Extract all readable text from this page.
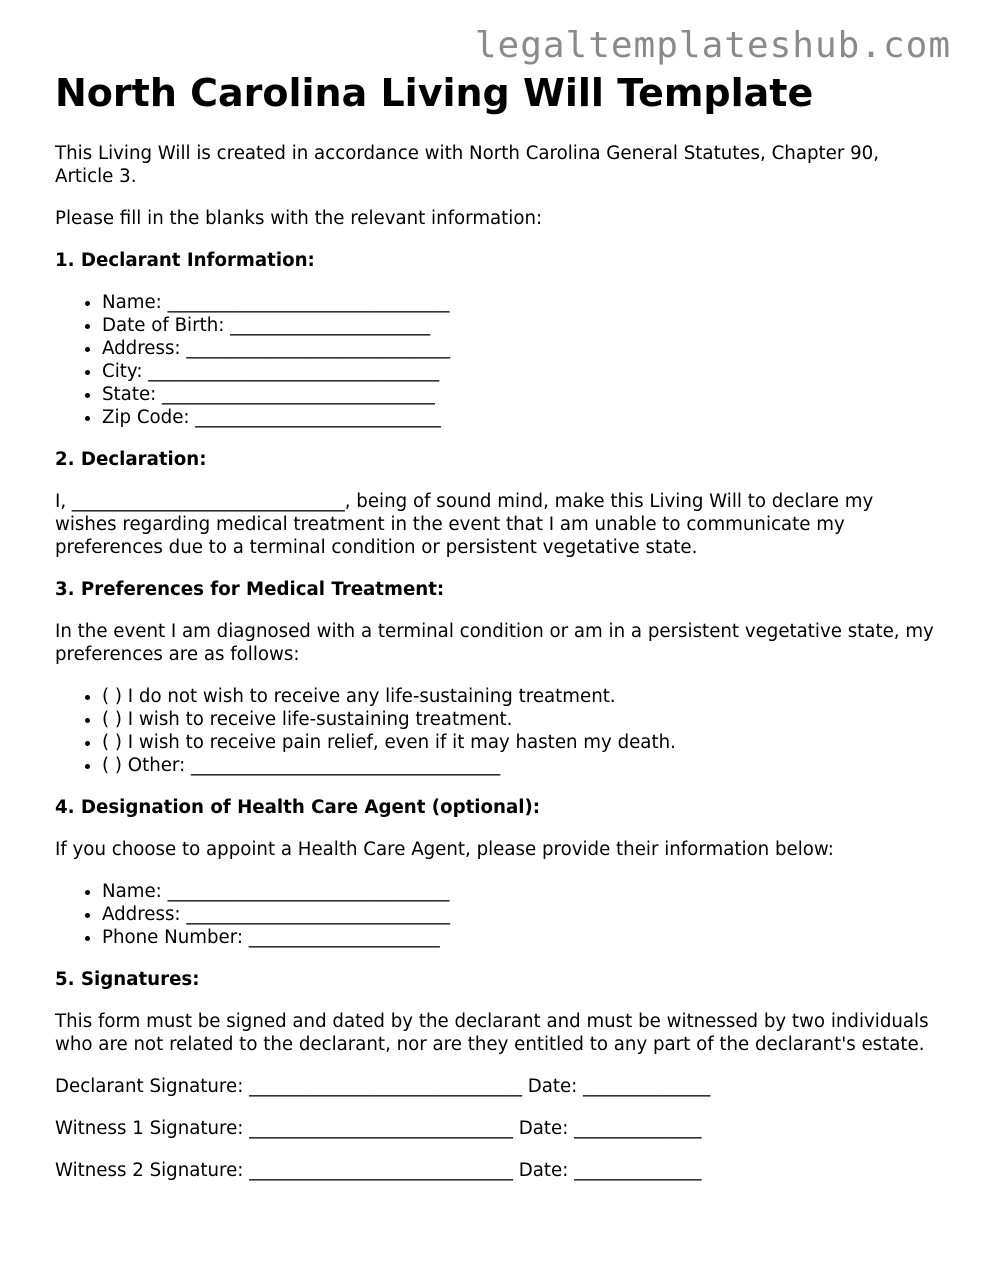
legaltemplateshub.com
North Carolina Living Will Template

This Living Will is created in accordance with North Carolina General Statutes, Chapter 90, Article 3.

Please fill in the blanks with the relevant information:

1. Declarant Information:
• Name: _______________________________
• Date of Birth: ______________________
• Address: _____________________________
• City: ________________________________
• State: ______________________________
• Zip Code: ___________________________
2. Declaration:

I, ______________________________, being of sound mind, make this Living Will to declare my wishes regarding medical treatment in the event that I am unable to communicate my preferences due to a terminal condition or persistent vegetative state.

3. Preferences for Medical Treatment:

In the event I am diagnosed with a terminal condition or am in a persistent vegetative state, my preferences are as follows:

• ( ) I do not wish to receive any life-sustaining treatment.
• ( ) I wish to receive life-sustaining treatment.
• ( ) I wish to receive pain relief, even if it may hasten my death.
• ( ) Other: __________________________________
4. Designation of Health Care Agent (optional):

If you choose to appoint a Health Care Agent, please provide their information below:

• Name: _______________________________
• Address: _____________________________
• Phone Number: _____________________
5. Signatures:

This form must be signed and dated by the declarant and must be witnessed by two individuals who are not related to the declarant, nor are they entitled to any part of the declarant's estate.

Declarant Signature: ______________________________ Date: ______________

Witness 1 Signature: _____________________________ Date: ______________

Witness 2 Signature: _____________________________ Date: ______________
